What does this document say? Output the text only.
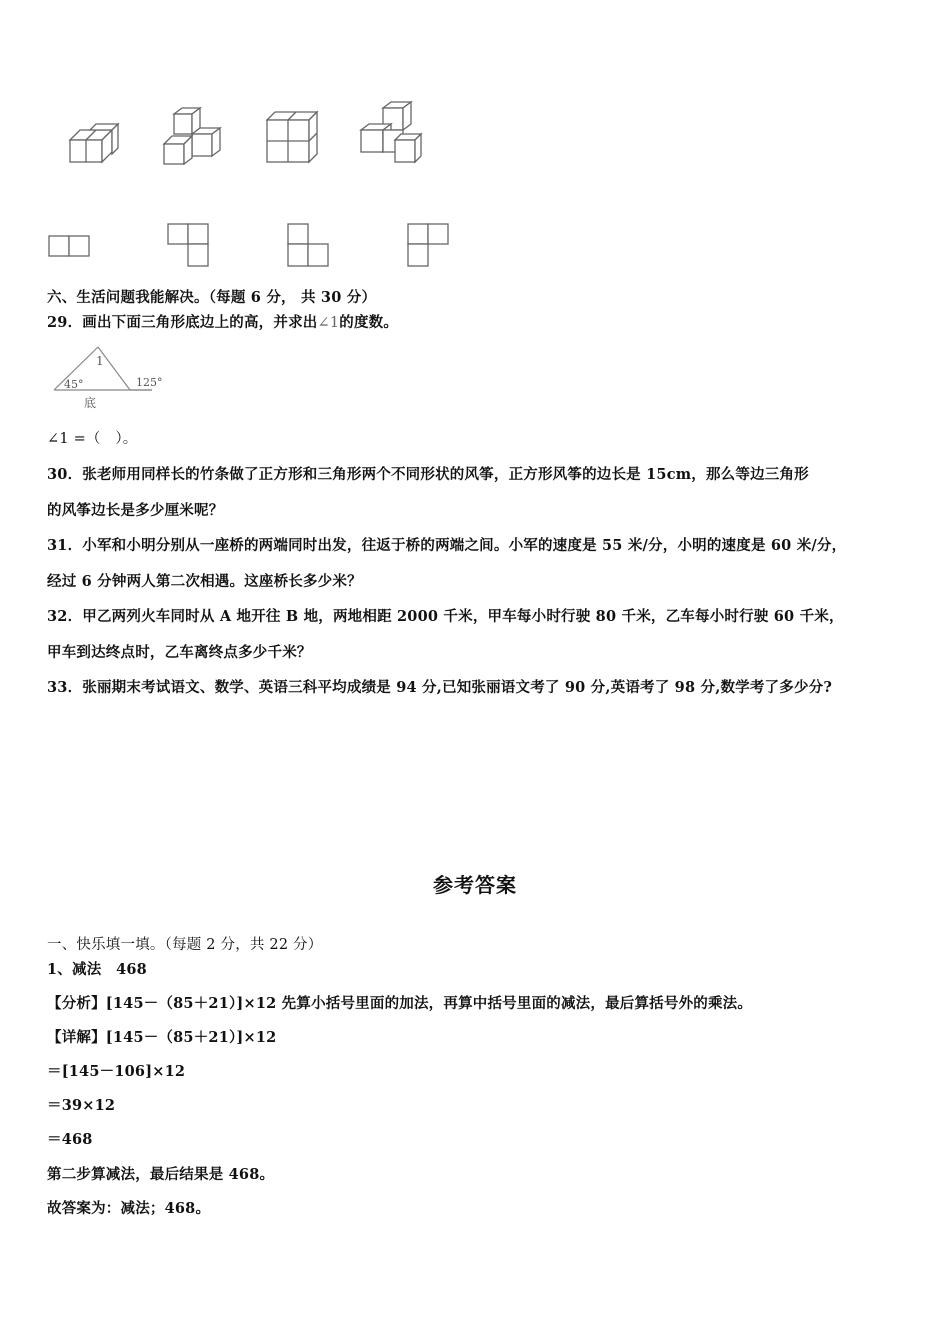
六、生活问题我能解决。（每题 6 分， 共 30 分）
29．画出下面三角形底边上的高，并求出∠1的度数。
1
45°	125°
底
∠1 =（　）。
30．张老师用同样长的竹条做了正方形和三角形两个不同形状的风筝，正方形风筝的边长是 15cm，那么等边三角形
的风筝边长是多少厘米呢？
31．小军和小明分别从一座桥的两端同时出发，往返于桥的两端之间。小军的速度是 55 米/分，小明的速度是 60 米/分，
经过 6 分钟两人第二次相遇。这座桥长多少米？
32．甲乙两列火车同时从 A 地开往 B 地，两地相距 2000 千米，甲车每小时行驶 80 千米，乙车每小时行驶 60 千米，
甲车到达终点时，乙车离终点多少千米？
33．张丽期末考试语文、数学、英语三科平均成绩是 94 分,已知张丽语文考了 90 分,英语考了 98 分,数学考了多少分?
参考答案
一、快乐填一填。（每题 2 分，共 22 分）
1、减法　468
【分析】[145－（85＋21）]×12 先算小括号里面的加法，再算中括号里面的减法，最后算括号外的乘法。
【详解】[145－（85＋21）]×12
＝[145－106]×12
＝39×12
＝468
第二步算减法，最后结果是 468。
故答案为：减法；468。
